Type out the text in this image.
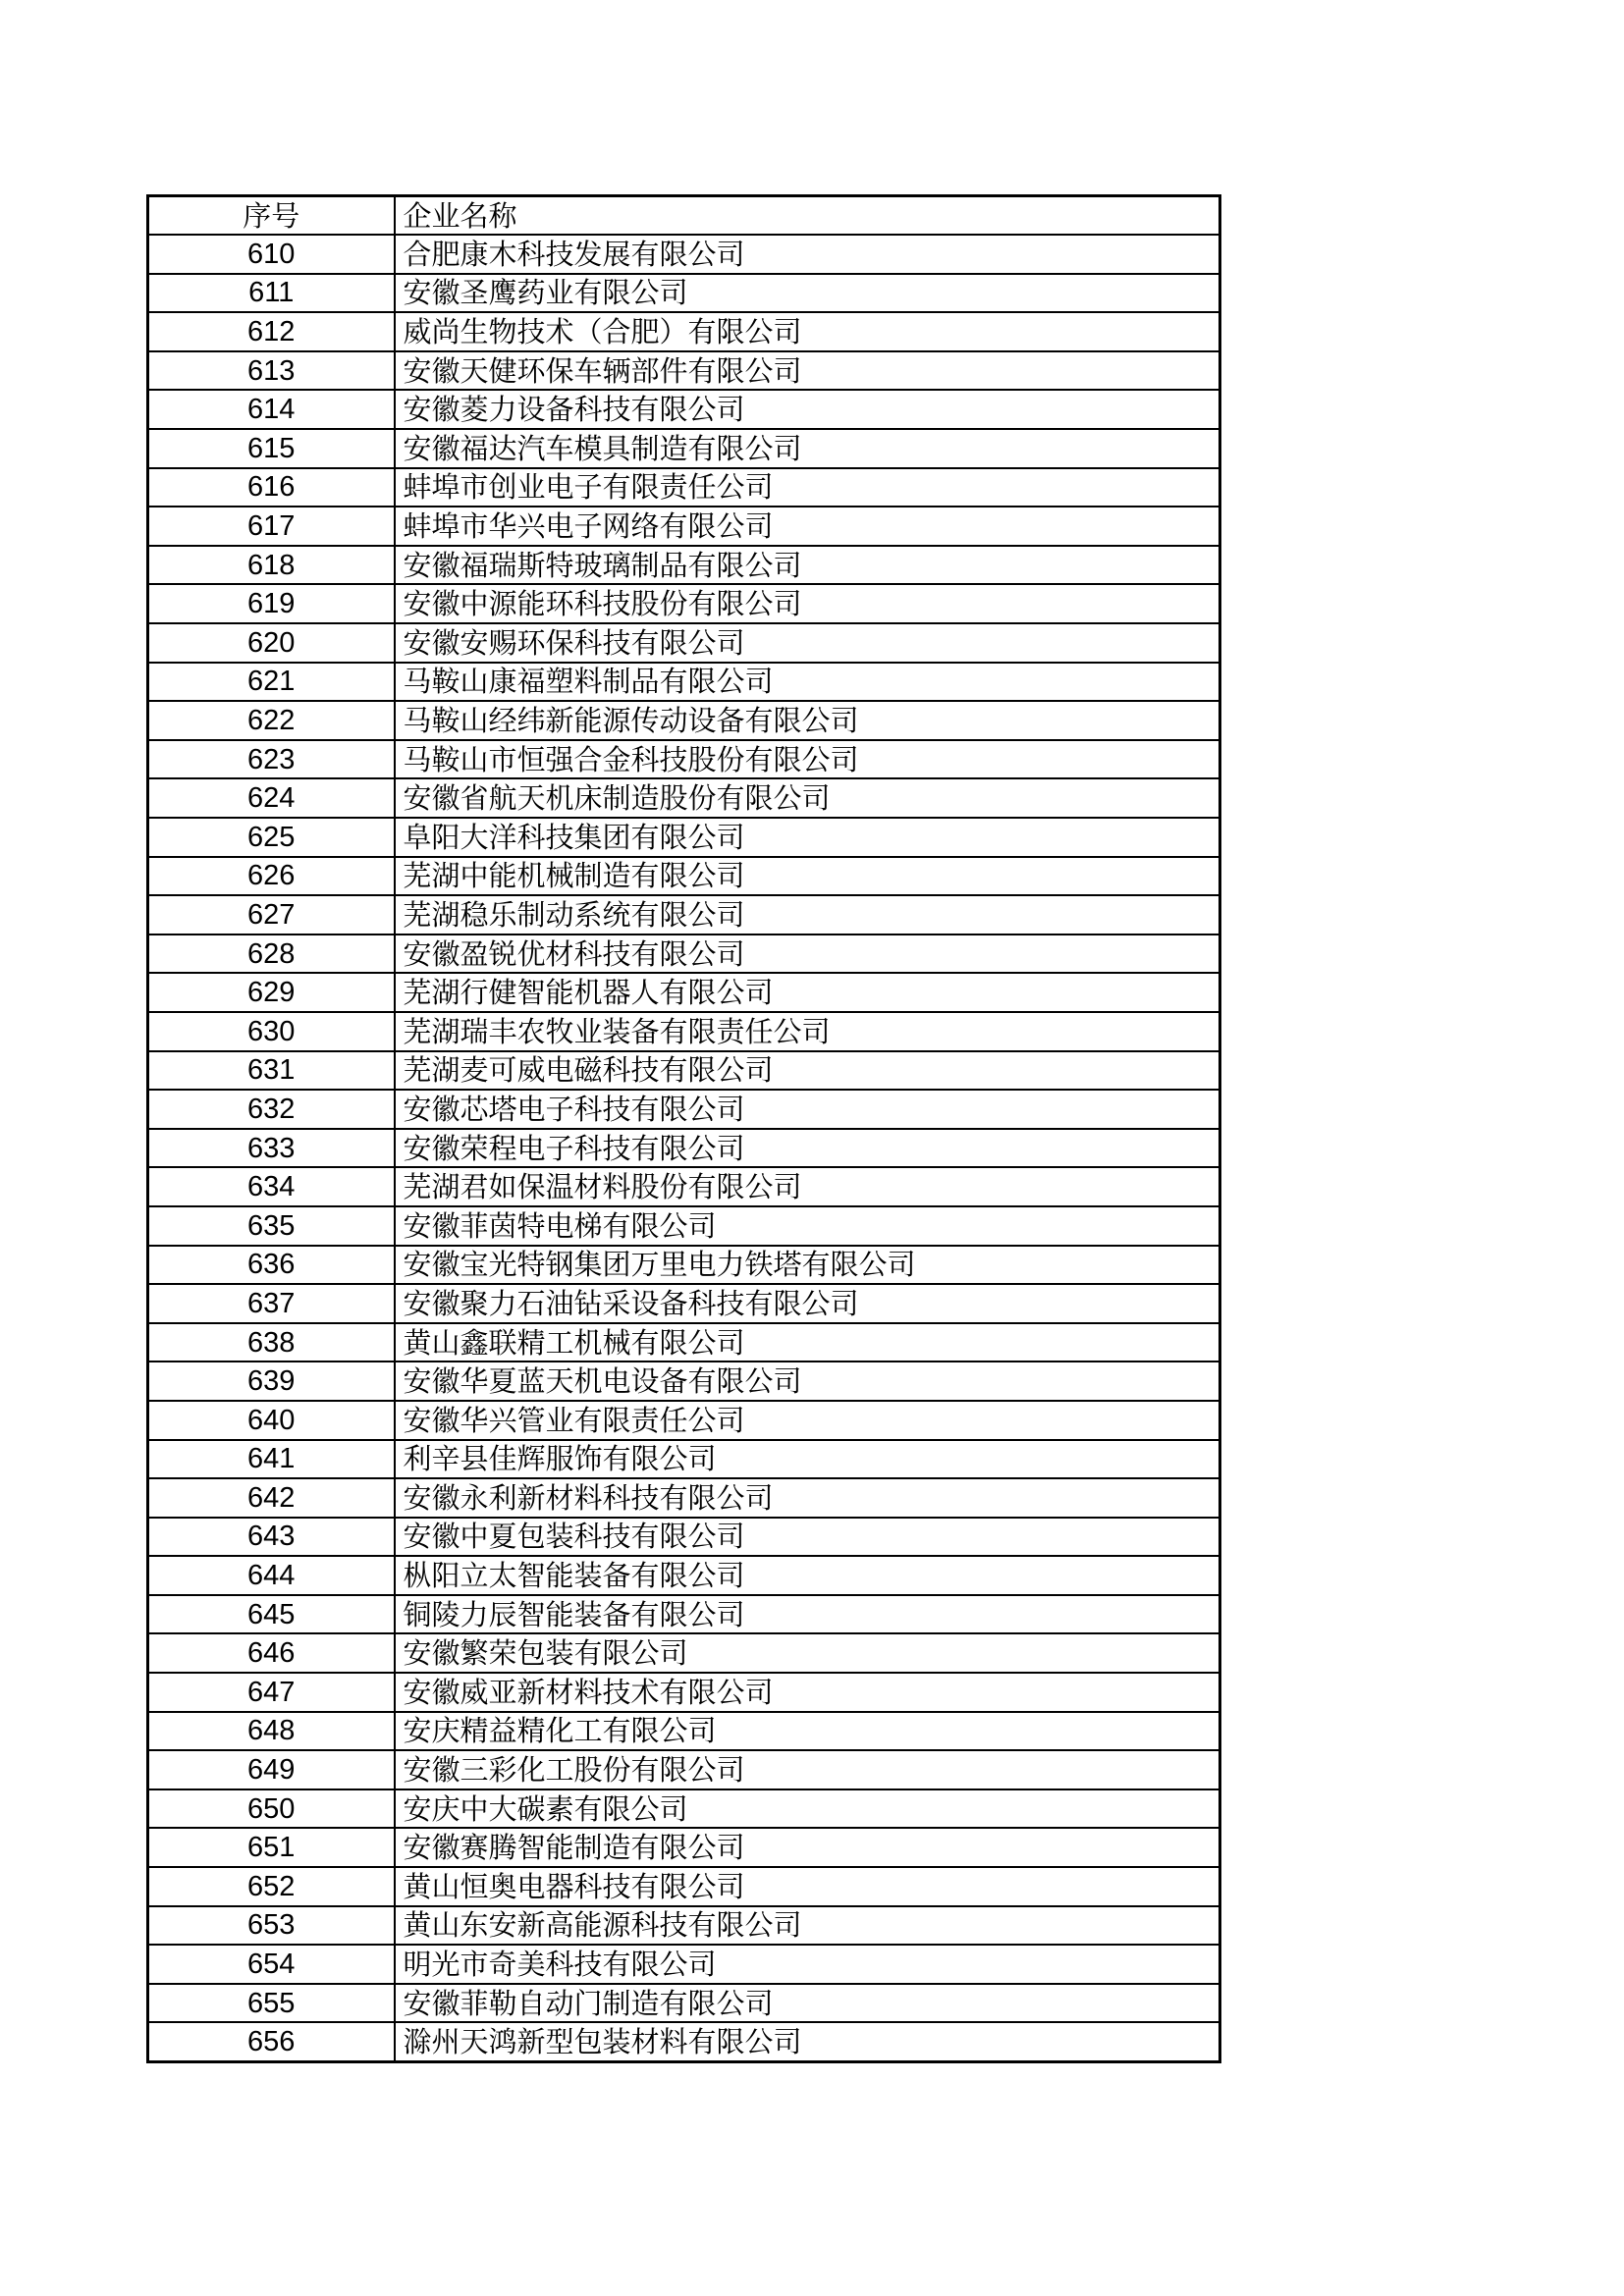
序号	企业名称
610	合肥康木科技发展有限公司
611	安徽圣鹰药业有限公司
612	威尚生物技术（合肥）有限公司
613	安徽天健环保车辆部件有限公司
614	安徽菱力设备科技有限公司
615	安徽福达汽车模具制造有限公司
616	蚌埠市创业电子有限责任公司
617	蚌埠市华兴电子网络有限公司
618	安徽福瑞斯特玻璃制品有限公司
619	安徽中源能环科技股份有限公司
620	安徽安赐环保科技有限公司
621	马鞍山康福塑料制品有限公司
622	马鞍山经纬新能源传动设备有限公司
623	马鞍山市恒强合金科技股份有限公司
624	安徽省航天机床制造股份有限公司
625	阜阳大洋科技集团有限公司
626	芜湖中能机械制造有限公司
627	芜湖稳乐制动系统有限公司
628	安徽盈锐优材科技有限公司
629	芜湖行健智能机器人有限公司
630	芜湖瑞丰农牧业装备有限责任公司
631	芜湖麦可威电磁科技有限公司
632	安徽芯塔电子科技有限公司
633	安徽荣程电子科技有限公司
634	芜湖君如保温材料股份有限公司
635	安徽菲茵特电梯有限公司
636	安徽宝光特钢集团万里电力铁塔有限公司
637	安徽聚力石油钻采设备科技有限公司
638	黄山鑫联精工机械有限公司
639	安徽华夏蓝天机电设备有限公司
640	安徽华兴管业有限责任公司
641	利辛县佳辉服饰有限公司
642	安徽永利新材料科技有限公司
643	安徽中夏包装科技有限公司
644	枞阳立太智能装备有限公司
645	铜陵力辰智能装备有限公司
646	安徽繁荣包装有限公司
647	安徽威亚新材料技术有限公司
648	安庆精益精化工有限公司
649	安徽三彩化工股份有限公司
650	安庆中大碳素有限公司
651	安徽赛腾智能制造有限公司
652	黄山恒奥电器科技有限公司
653	黄山东安新高能源科技有限公司
654	明光市奇美科技有限公司
655	安徽菲勒自动门制造有限公司
656	滁州天鸿新型包装材料有限公司
